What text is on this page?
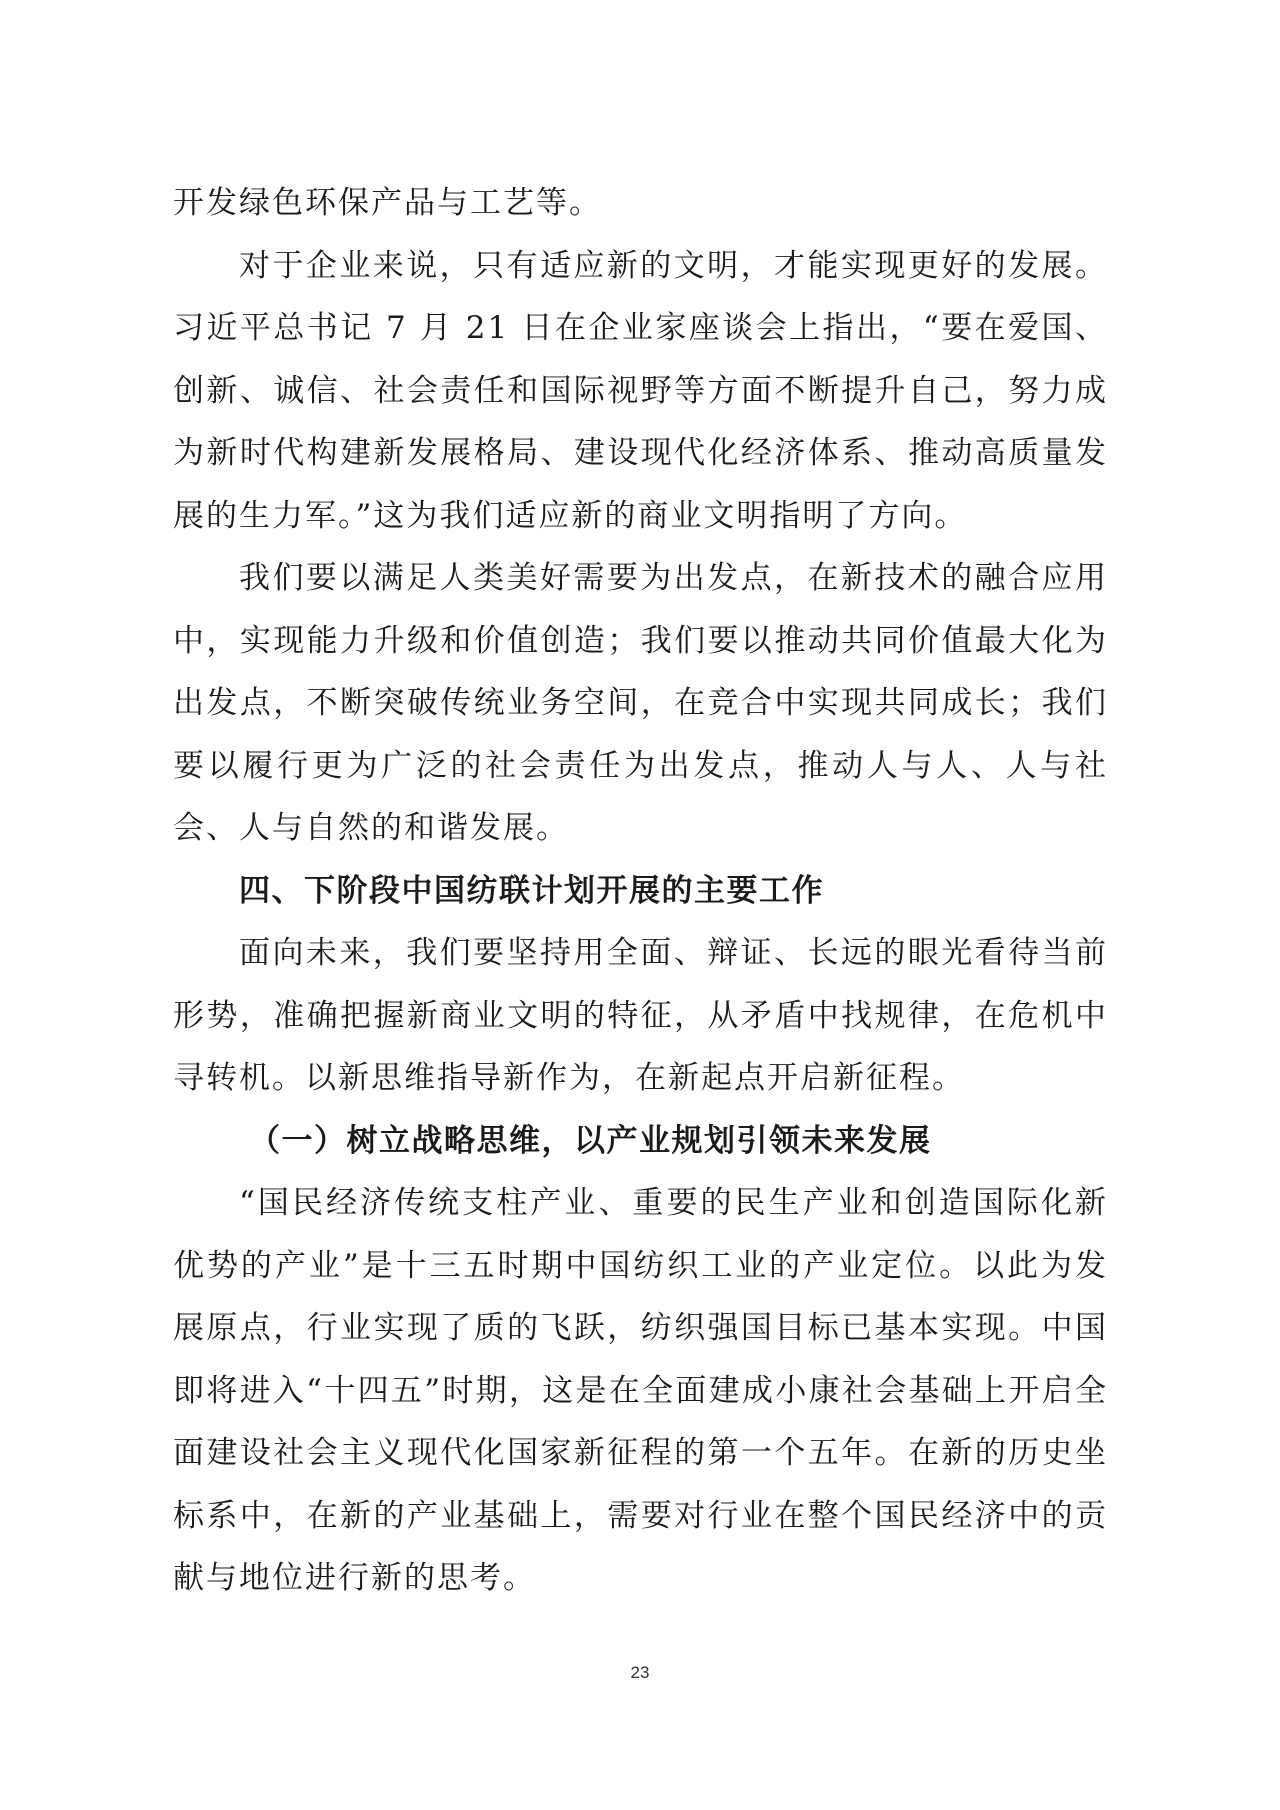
开发绿色环保产品与工艺等。

对于企业来说，只有适应新的文明，才能实现更好的发展。习近平总书记 7 月 21 日在企业家座谈会上指出，“要在爱国、创新、诚信、社会责任和国际视野等方面不断提升自己，努力成为新时代构建新发展格局、建设现代化经济体系、推动高质量发展的生力军。”这为我们适应新的商业文明指明了方向。

我们要以满足人类美好需要为出发点，在新技术的融合应用中，实现能力升级和价值创造；我们要以推动共同价值最大化为出发点，不断突破传统业务空间，在竞合中实现共同成长；我们要以履行更为广泛的社会责任为出发点，推动人与人、人与社会、人与自然的和谐发展。

四、下阶段中国纺联计划开展的主要工作

面向未来，我们要坚持用全面、辩证、长远的眼光看待当前形势，准确把握新商业文明的特征，从矛盾中找规律，在危机中寻转机。以新思维指导新作为，在新起点开启新征程。

（一）树立战略思维，以产业规划引领未来发展

“国民经济传统支柱产业、重要的民生产业和创造国际化新优势的产业”是十三五时期中国纺织工业的产业定位。以此为发展原点，行业实现了质的飞跃，纺织强国目标已基本实现。中国即将进入“十四五”时期，这是在全面建成小康社会基础上开启全面建设社会主义现代化国家新征程的第一个五年。在新的历史坐标系中，在新的产业基础上，需要对行业在整个国民经济中的贡献与地位进行新的思考。

23
